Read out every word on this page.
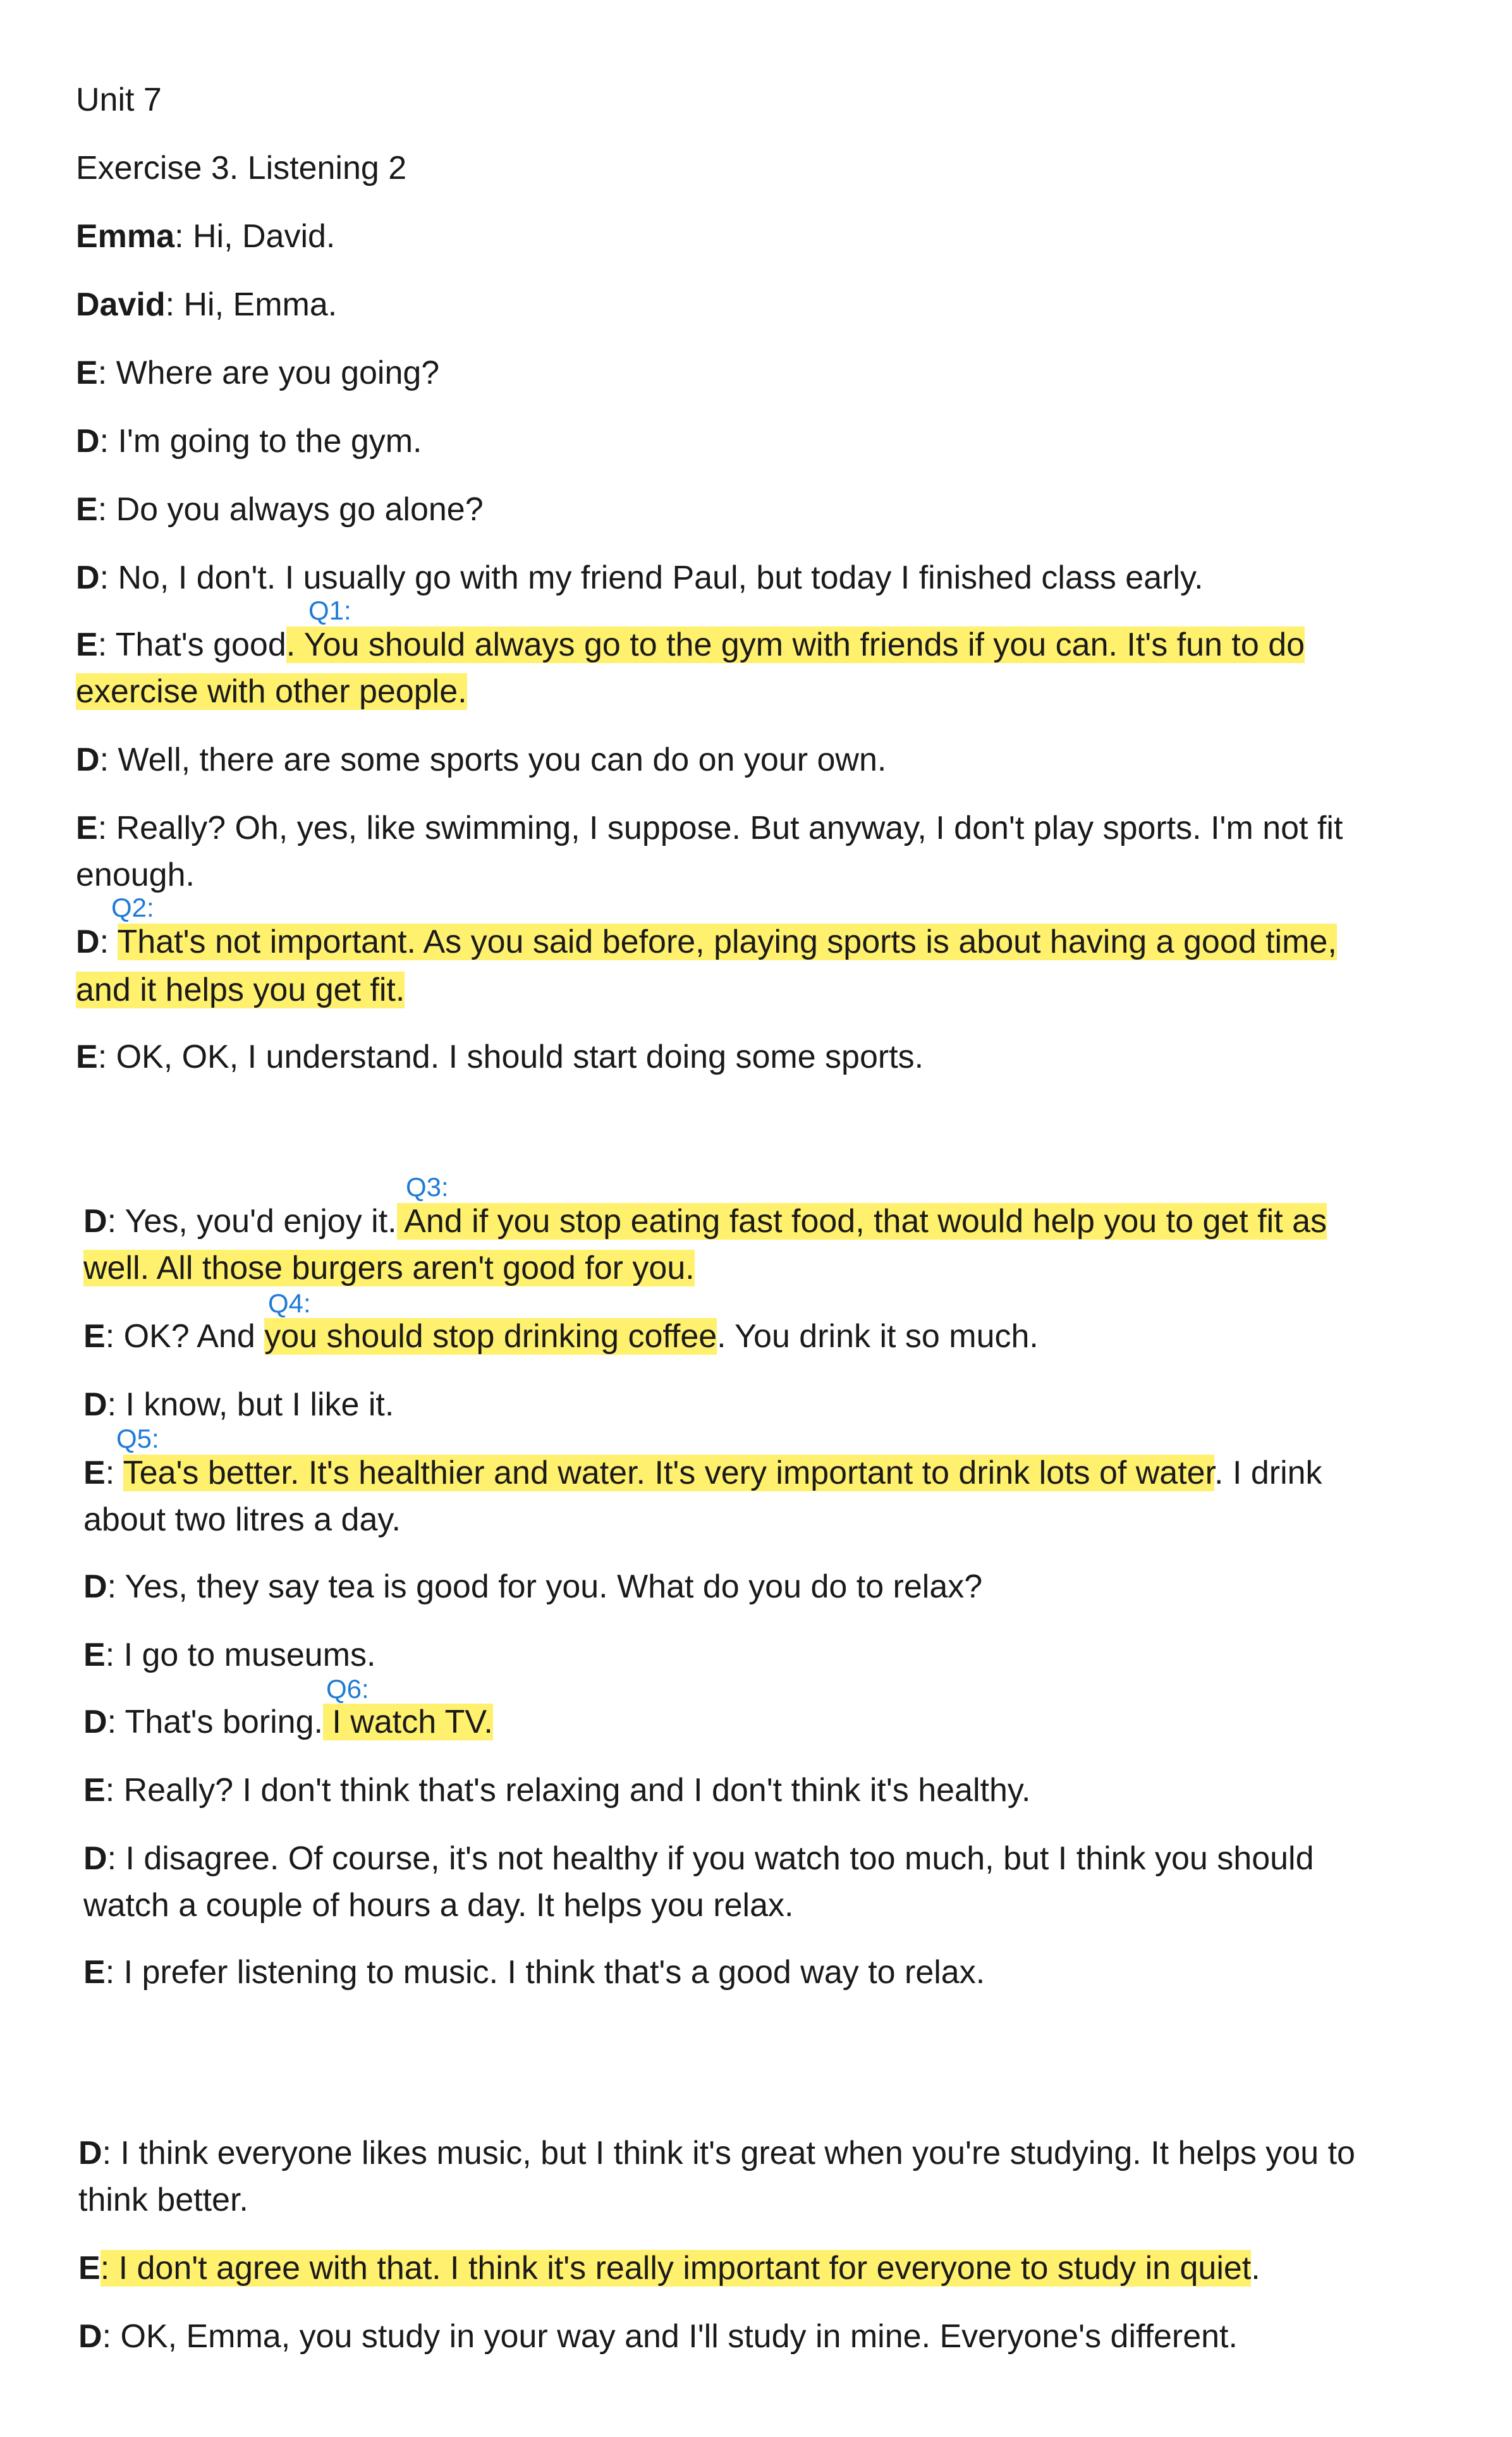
Unit 7
Exercise 3. Listening 2
Emma: Hi, David.
David: Hi, Emma.
E: Where are you going?
D: I'm going to the gym.
E: Do you always go alone?
D: No, I don't. I usually go with my friend Paul, but today I finished class early.
Q1:
E: That's good. You should always go to the gym with friends if you can. It's fun to do
exercise with other people.
D: Well, there are some sports you can do on your own.
E: Really? Oh, yes, like swimming, I suppose. But anyway, I don't play sports. I'm not fit
enough.
Q2:
D: That's not important. As you said before, playing sports is about having a good time,
and it helps you get fit.
E: OK, OK, I understand. I should start doing some sports.
Q3:
D: Yes, you'd enjoy it. And if you stop eating fast food, that would help you to get fit as
well. All those burgers aren't good for you.
Q4:
E: OK? And you should stop drinking coffee. You drink it so much.
D: I know, but I like it.
Q5:
E: Tea's better. It's healthier and water. It's very important to drink lots of water. I drink
about two litres a day.
D: Yes, they say tea is good for you. What do you do to relax?
E: I go to museums.
Q6:
D: That's boring. I watch TV.
E: Really? I don't think that's relaxing and I don't think it's healthy.
D: I disagree. Of course, it's not healthy if you watch too much, but I think you should
watch a couple of hours a day. It helps you relax.
E: I prefer listening to music. I think that's a good way to relax.
D: I think everyone likes music, but I think it's great when you're studying. It helps you to
think better.
E: I don't agree with that. I think it's really important for everyone to study in quiet.
D: OK, Emma, you study in your way and I'll study in mine. Everyone's different.
